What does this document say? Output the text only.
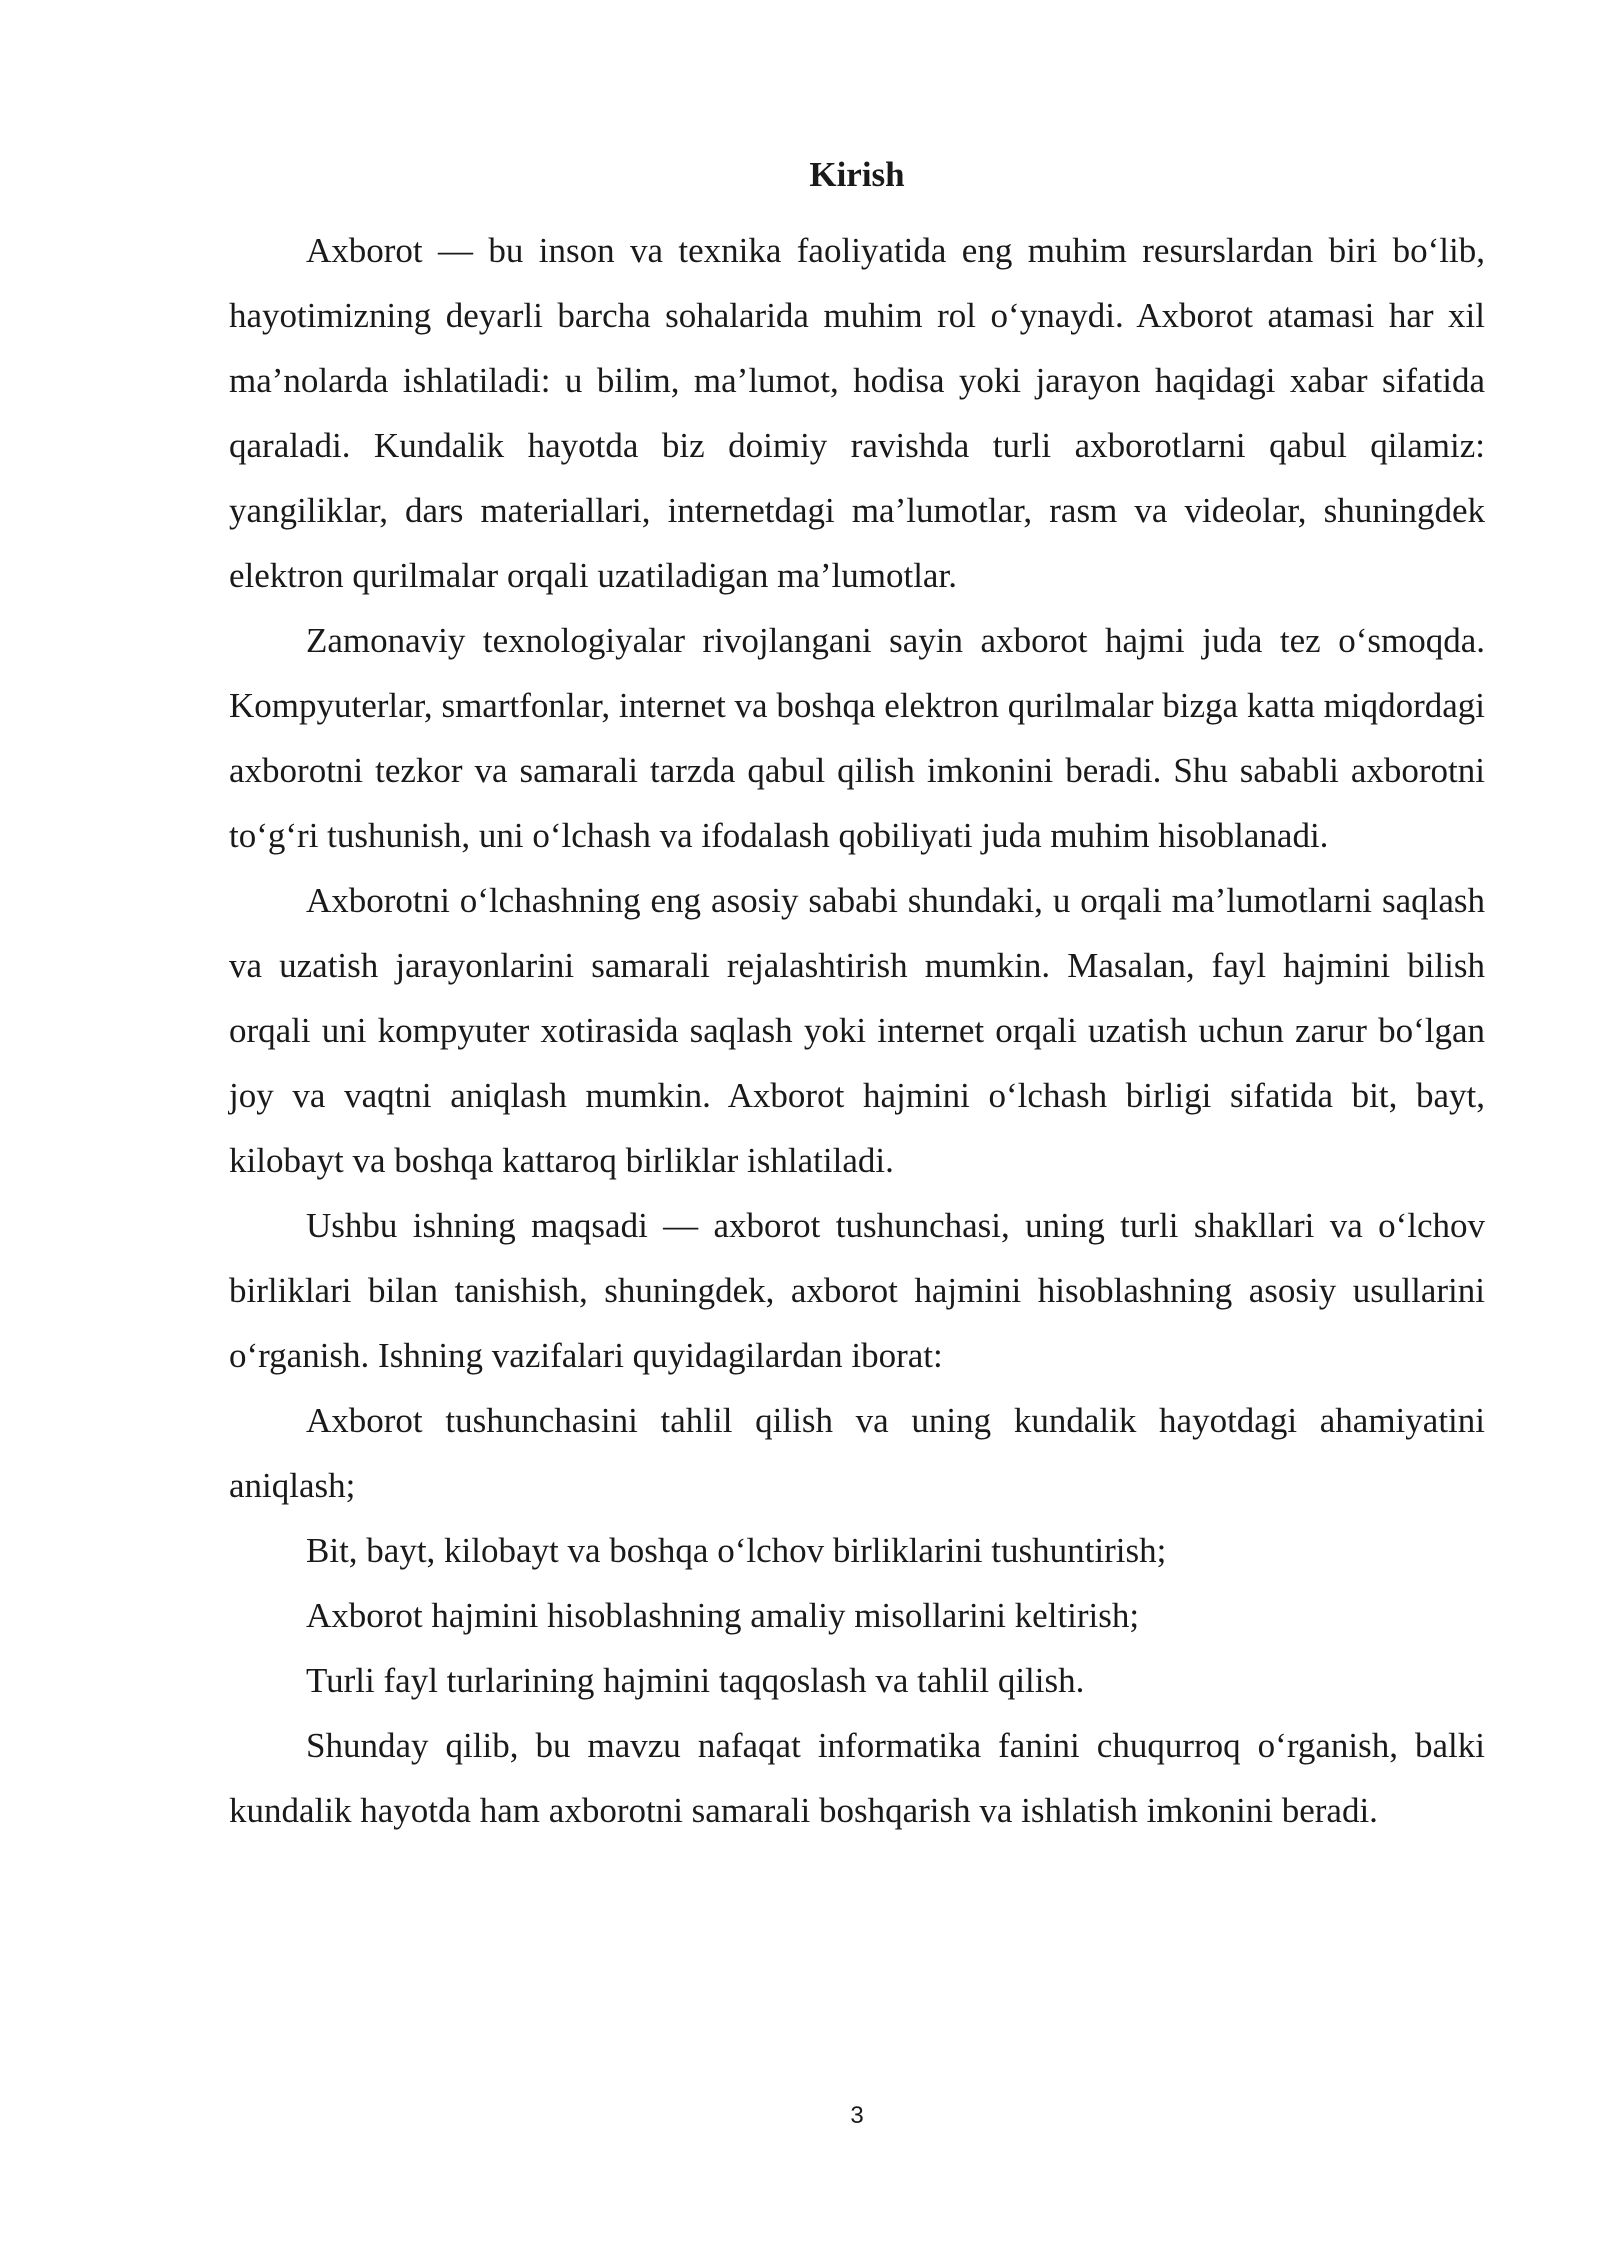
Kirish

Axborot — bu inson va texnika faoliyatida eng muhim resurslardan biri bo‘lib, hayotimizning deyarli barcha sohalarida muhim rol o‘ynaydi. Axborot atamasi har xil ma’nolarda ishlatiladi: u bilim, ma’lumot, hodisa yoki jarayon haqidagi xabar sifatida qaraladi. Kundalik hayotda biz doimiy ravishda turli axborotlarni qabul qilamiz: yangiliklar, dars materiallari, internetdagi ma’lumotlar, rasm va videolar, shuningdek elektron qurilmalar orqali uzatiladigan ma’lumotlar.

Zamonaviy texnologiyalar rivojlangani sayin axborot hajmi juda tez o‘smoqda. Kompyuterlar, smartfonlar, internet va boshqa elektron qurilmalar bizga katta miqdordagi axborotni tezkor va samarali tarzda qabul qilish imkonini beradi. Shu sababli axborotni to‘g‘ri tushunish, uni o‘lchash va ifodalash qobiliyati juda muhim hisoblanadi.

Axborotni o‘lchashning eng asosiy sababi shundaki, u orqali ma’lumotlarni saqlash va uzatish jarayonlarini samarali rejalashtirish mumkin. Masalan, fayl hajmini bilish orqali uni kompyuter xotirasida saqlash yoki internet orqali uzatish uchun zarur bo‘lgan joy va vaqtni aniqlash mumkin. Axborot hajmini o‘lchash birligi sifatida bit, bayt, kilobayt va boshqa kattaroq birliklar ishlatiladi.

Ushbu ishning maqsadi — axborot tushunchasi, uning turli shakllari va o‘lchov birliklari bilan tanishish, shuningdek, axborot hajmini hisoblashning asosiy usullarini o‘rganish. Ishning vazifalari quyidagilardan iborat:

Axborot tushunchasini tahlil qilish va uning kundalik hayotdagi ahamiyatini aniqlash;

Bit, bayt, kilobayt va boshqa o‘lchov birliklarini tushuntirish;

Axborot hajmini hisoblashning amaliy misollarini keltirish;

Turli fayl turlarining hajmini taqqoslash va tahlil qilish.

Shunday qilib, bu mavzu nafaqat informatika fanini chuqurroq o‘rganish, balki kundalik hayotda ham axborotni samarali boshqarish va ishlatish imkonini beradi.

3
